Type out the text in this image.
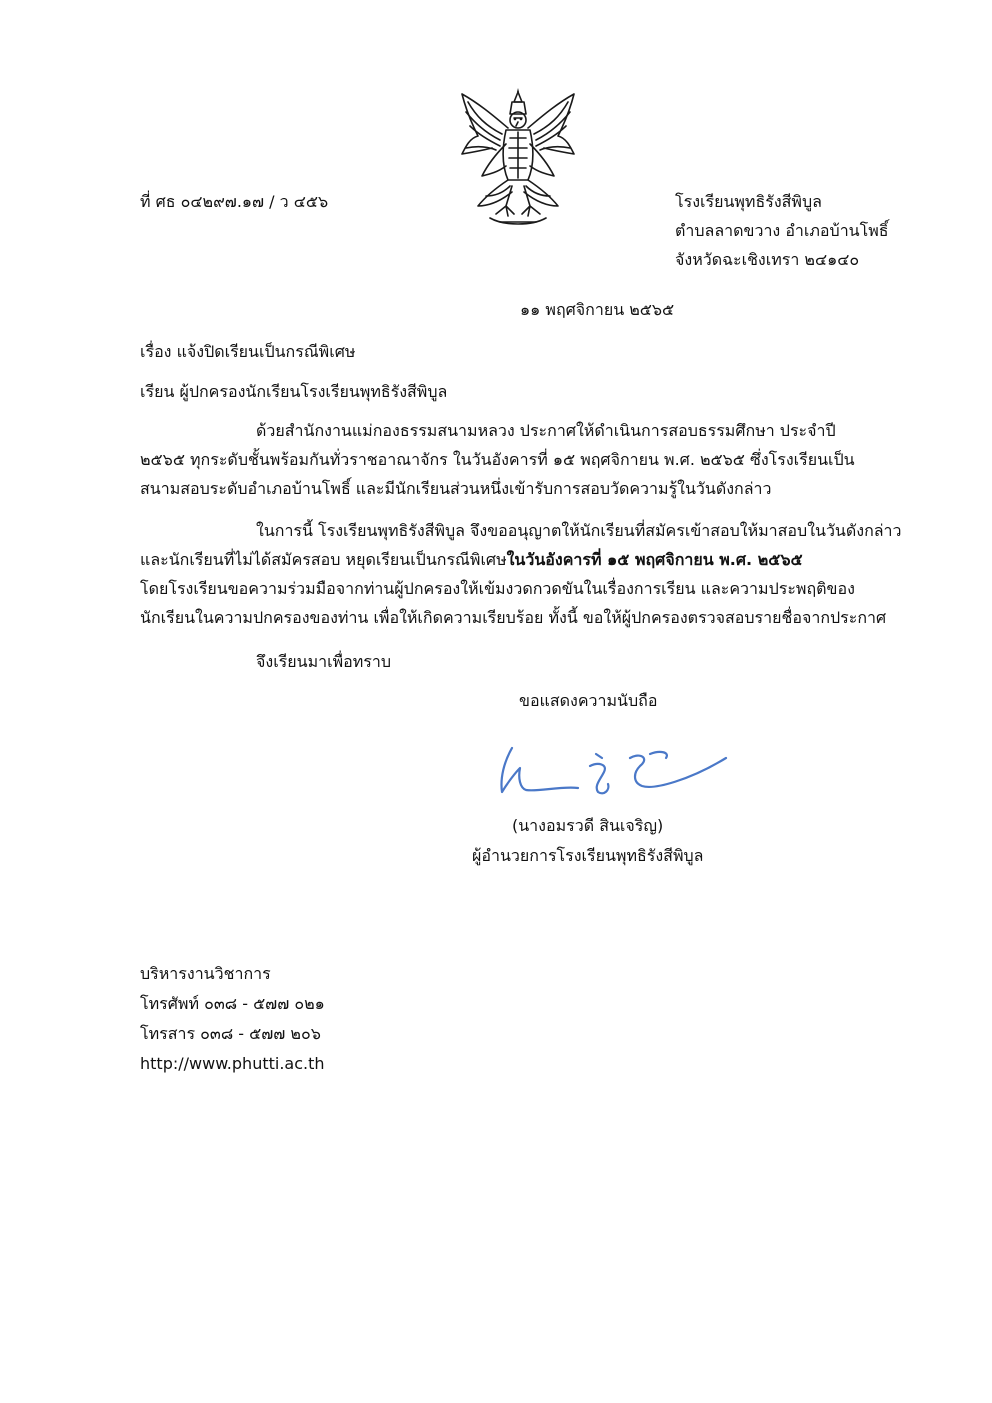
ที่ ศธ ๐๔๒๙๗.๑๗ / ว ๔๕๖	โรงเรียนพุทธิรังสีพิบูล
ตำบลลาดขวาง อำเภอบ้านโพธิ์
จังหวัดฉะเชิงเทรา ๒๔๑๔๐
๑๑ พฤศจิกายน ๒๕๖๕
เรื่อง แจ้งปิดเรียนเป็นกรณีพิเศษ
เรียน ผู้ปกครองนักเรียนโรงเรียนพุทธิรังสีพิบูล
ด้วยสำนักงานแม่กองธรรมสนามหลวง ประกาศให้ดำเนินการสอบธรรมศึกษา ประจำปี
๒๕๖๕ ทุกระดับชั้นพร้อมกันทั่วราชอาณาจักร ในวันอังคารที่ ๑๕ พฤศจิกายน พ.ศ. ๒๕๖๕ ซึ่งโรงเรียนเป็น
สนามสอบระดับอำเภอบ้านโพธิ์ และมีนักเรียนส่วนหนึ่งเข้ารับการสอบวัดความรู้ในวันดังกล่าว
ในการนี้ โรงเรียนพุทธิรังสีพิบูล จึงขออนุญาตให้นักเรียนที่สมัครเข้าสอบให้มาสอบในวันดังกล่าว
และนักเรียนที่ไม่ได้สมัครสอบ หยุดเรียนเป็นกรณีพิเศษในวันอังคารที่ ๑๕ พฤศจิกายน พ.ศ. ๒๕๖๕
โดยโรงเรียนขอความร่วมมือจากท่านผู้ปกครองให้เข้มงวดกวดขันในเรื่องการเรียน และความประพฤติของ
นักเรียนในความปกครองของท่าน เพื่อให้เกิดความเรียบร้อย ทั้งนี้ ขอให้ผู้ปกครองตรวจสอบรายชื่อจากประกาศ
จึงเรียนมาเพื่อทราบ
ขอแสดงความนับถือ
(นางอมรวดี สินเจริญ)
ผู้อำนวยการโรงเรียนพุทธิรังสีพิบูล
บริหารงานวิชาการ
โทรศัพท์ ๐๓๘ - ๕๗๗ ๐๒๑
โทรสาร ๐๓๘ - ๕๗๗ ๒๐๖
http://www.phutti.ac.th
